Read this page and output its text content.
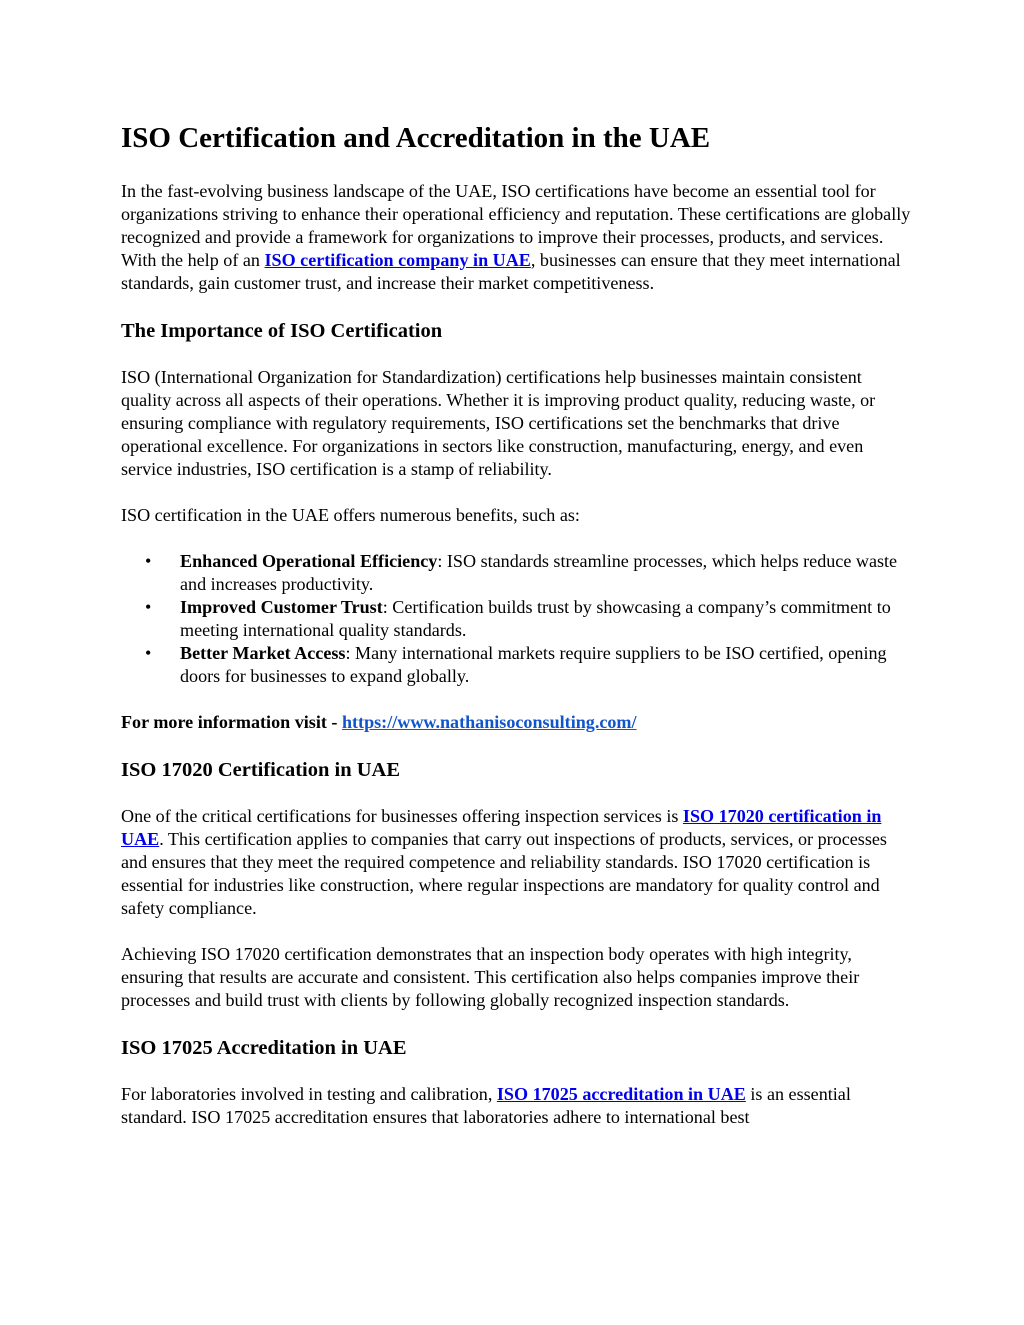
ISO Certification and Accreditation in the UAE

In the fast-evolving business landscape of the UAE, ISO certifications have become an essential tool for organizations striving to enhance their operational efficiency and reputation. These certifications are globally recognized and provide a framework for organizations to improve their processes, products, and services. With the help of an ISO certification company in UAE, businesses can ensure that they meet international standards, gain customer trust, and increase their market competitiveness.

The Importance of ISO Certification

ISO (International Organization for Standardization) certifications help businesses maintain consistent quality across all aspects of their operations. Whether it is improving product quality, reducing waste, or ensuring compliance with regulatory requirements, ISO certifications set the benchmarks that drive operational excellence. For organizations in sectors like construction, manufacturing, energy, and even service industries, ISO certification is a stamp of reliability.

ISO certification in the UAE offers numerous benefits, such as:

• Enhanced Operational Efficiency: ISO standards streamline processes, which helps reduce waste and increases productivity.
• Improved Customer Trust: Certification builds trust by showcasing a company’s commitment to meeting international quality standards.
• Better Market Access: Many international markets require suppliers to be ISO certified, opening doors for businesses to expand globally.

For more information visit - https://www.nathanisoconsulting.com/

ISO 17020 Certification in UAE

One of the critical certifications for businesses offering inspection services is ISO 17020 certification in UAE. This certification applies to companies that carry out inspections of products, services, or processes and ensures that they meet the required competence and reliability standards. ISO 17020 certification is essential for industries like construction, where regular inspections are mandatory for quality control and safety compliance.

Achieving ISO 17020 certification demonstrates that an inspection body operates with high integrity, ensuring that results are accurate and consistent. This certification also helps companies improve their processes and build trust with clients by following globally recognized inspection standards.

ISO 17025 Accreditation in UAE

For laboratories involved in testing and calibration, ISO 17025 accreditation in UAE is an essential standard. ISO 17025 accreditation ensures that laboratories adhere to international best
